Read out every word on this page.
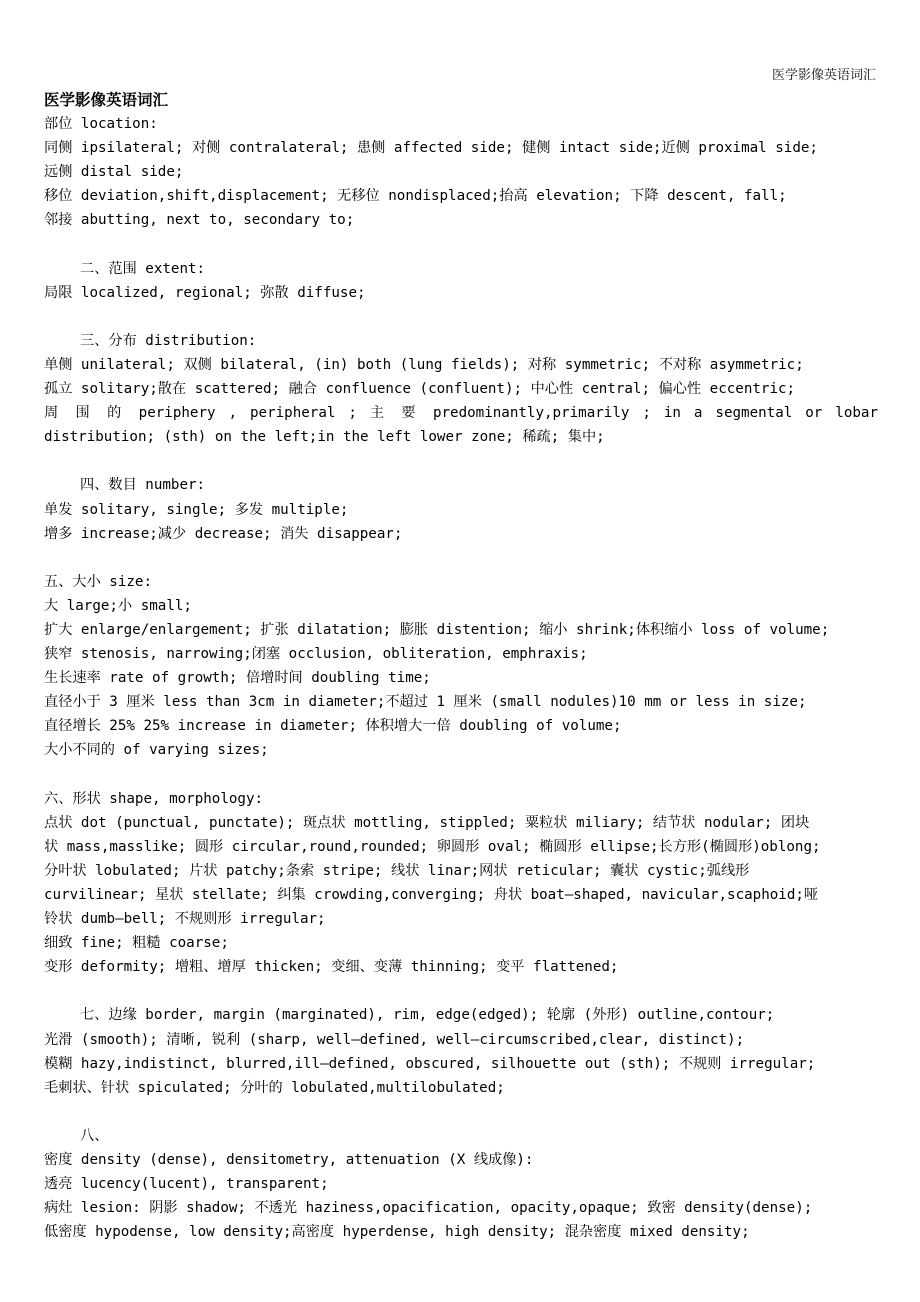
医学影像英语词汇
医学影像英语词汇
部位 location:
同侧 ipsilateral; 对侧 contralateral; 患侧 affected side; 健侧 intact side;近侧 proximal side;
远侧 distal side;
移位 deviation,shift,displacement; 无移位 nondisplaced;抬高 elevation; 下降 descent, fall;
邻接 abutting, next to, secondary to;
二、范围 extent:
局限 localized, regional; 弥散 diffuse;
三、分布 distribution:
单侧 unilateral; 双侧 bilateral, (in) both (lung fields); 对称 symmetric; 不对称 asymmetric;
孤立 solitary;散在 scattered; 融合 confluence (confluent); 中心性 central; 偏心性 eccentric;
周 围 的 periphery , peripheral ; 主 要 predominantly,primarily ; in a segmental or lobar
distribution; (sth) on the left;in the left lower zone; 稀疏; 集中;
四、数目 number:
单发 solitary, single; 多发 multiple;
增多 increase;减少 decrease; 消失 disappear;
五、大小 size:
大 large;小 small;
扩大 enlarge/enlargement; 扩张 dilatation; 膨胀 distention; 缩小 shrink;体积缩小 loss of volume;
狭窄 stenosis, narrowing;闭塞 occlusion, obliteration, emphraxis;
生长速率 rate of growth; 倍增时间 doubling time;
直径小于 3 厘米 less than 3cm in diameter;不超过 1 厘米 (small nodules)10 mm or less in size;
直径增长 25% 25% increase in diameter; 体积增大一倍 doubling of volume;
大小不同的 of varying sizes;
六、形状 shape, morphology:
点状 dot (punctual, punctate); 斑点状 mottling, stippled; 粟粒状 miliary; 结节状 nodular; 团块
状 mass,masslike; 圆形 circular,round,rounded; 卵圆形 oval; 椭圆形 ellipse;长方形(椭圆形)oblong;
分叶状 lobulated; 片状 patchy;条索 stripe; 线状 linar;网状 reticular; 囊状 cystic;弧线形
curvilinear; 星状 stellate; 纠集 crowding,converging; 舟状 boat—shaped, navicular,scaphoid;哑
铃状 dumb—bell; 不规则形 irregular;
细致 fine; 粗糙 coarse;
变形 deformity; 增粗、增厚 thicken; 变细、变薄 thinning; 变平 flattened;
七、边缘 border, margin (marginated), rim, edge(edged); 轮廓 (外形) outline,contour;
光滑 (smooth); 清晰, 锐利 (sharp, well—defined, well—circumscribed,clear, distinct);
模糊 hazy,indistinct, blurred,ill—defined, obscured, silhouette out (sth); 不规则 irregular;
毛刺状、针状 spiculated; 分叶的 lobulated,multilobulated;
八、
密度 density (dense), densitometry, attenuation (X 线成像):
透亮 lucency(lucent), transparent;
病灶 lesion: 阴影 shadow; 不透光 haziness,opacification, opacity,opaque; 致密 density(dense);
低密度 hypodense, low density;高密度 hyperdense, high density; 混杂密度 mixed density;
